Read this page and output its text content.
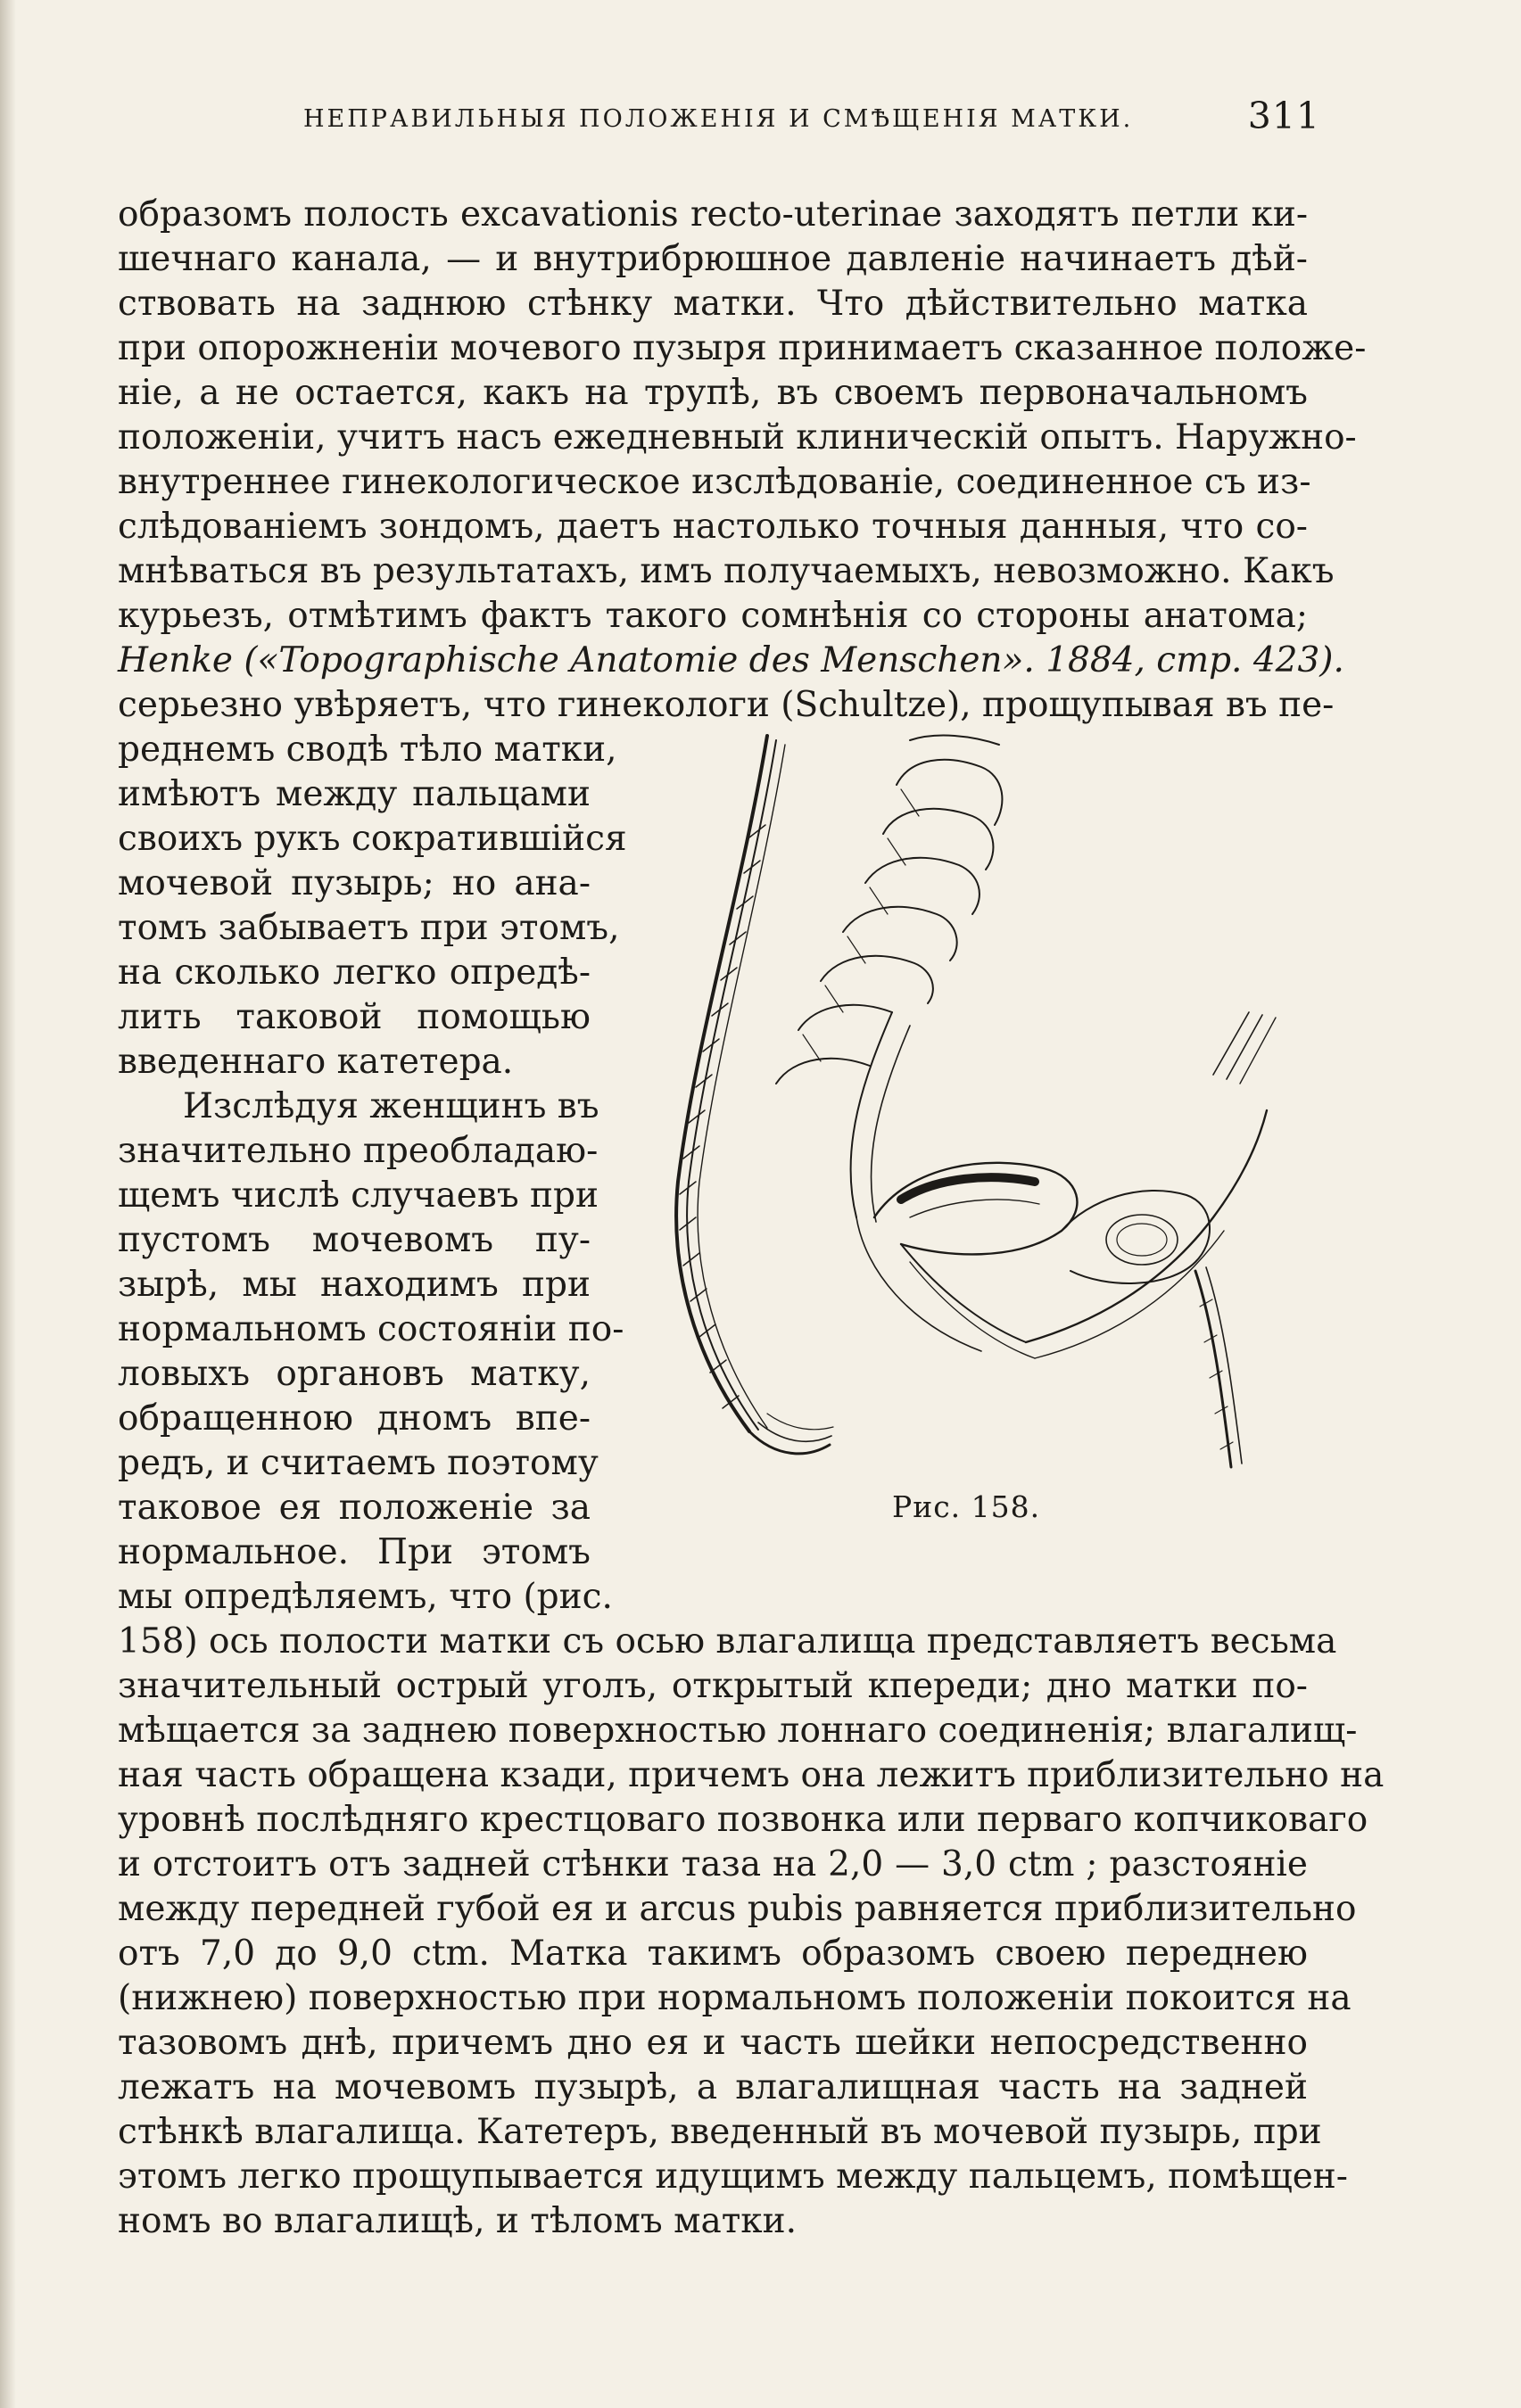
НЕПРАВИЛЬНЫЯ ПОЛОЖЕНІЯ И СМѢЩЕНІЯ МАТКИ.	311
образомъ полость excavationis recto-uterinae заходятъ петли ки-
шечнаго канала, — и внутрибрюшное давленіе начинаетъ дѣй-
ствовать на заднюю стѣнку матки. Что дѣйствительно матка
при опорожненіи мочевого пузыря принимаетъ сказанное положе-
ніе, а не остается, какъ на трупѣ, въ своемъ первоначальномъ
положеніи, учитъ насъ ежедневный клиническій опытъ. Наружно-
внутреннее гинекологическое изслѣдованіе, соединенное съ из-
слѣдованіемъ зондомъ, даетъ настолько точныя данныя, что со-
мнѣваться въ результатахъ, имъ получаемыхъ, невозможно. Какъ
курьезъ, отмѣтимъ фактъ такого сомнѣнія со стороны анатома;
Henke («Topographische Anatomie des Menschen». 1884, стр. 423).
серьезно увѣряетъ, что гинекологи (Schultze), прощупывая въ пе-
реднемъ сводѣ тѣло матки,
имѣютъ между пальцами
своихъ рукъ сократившійся
мочевой пузырь; но ана-
томъ забываетъ при этомъ,
на сколько легко опредѣ-
лить таковой помощью
введеннаго катетера.
Изслѣдуя женщинъ въ
значительно преобладаю-
щемъ числѣ случаевъ при
пустомъ мочевомъ пу-
зырѣ, мы находимъ при
нормальномъ состояніи по-
ловыхъ органовъ матку,
обращенною дномъ впе-
редъ, и считаемъ поэтому
таковое ея положеніе за
нормальное. При этомъ
мы опредѣляемъ, что (рис.
158) ось полости матки съ осью влагалища представляетъ весьма
значительный острый уголъ, открытый кпереди; дно матки по-
мѣщается за заднею поверхностью лоннаго соединенія; влагалищ-
ная часть обращена кзади, причемъ она лежитъ приблизительно на
уровнѣ послѣдняго крестцоваго позвонка или перваго копчиковаго
и отстоитъ отъ задней стѣнки таза на 2,0 — 3,0 ctm ; разстояніе
между передней губой ея и arcus pubis равняется приблизительно
отъ 7,0 до 9,0 ctm. Матка такимъ образомъ своею переднею
(нижнею) поверхностью при нормальномъ положеніи покоится на
тазовомъ днѣ, причемъ дно ея и часть шейки непосредственно
лежатъ на мочевомъ пузырѣ, а влагалищная часть на задней
стѣнкѣ влагалища. Катетеръ, введенный въ мочевой пузырь, при
этомъ легко прощупывается идущимъ между пальцемъ, помѣщен-
номъ во влагалищѣ, и тѣломъ матки.
Рис. 158.
